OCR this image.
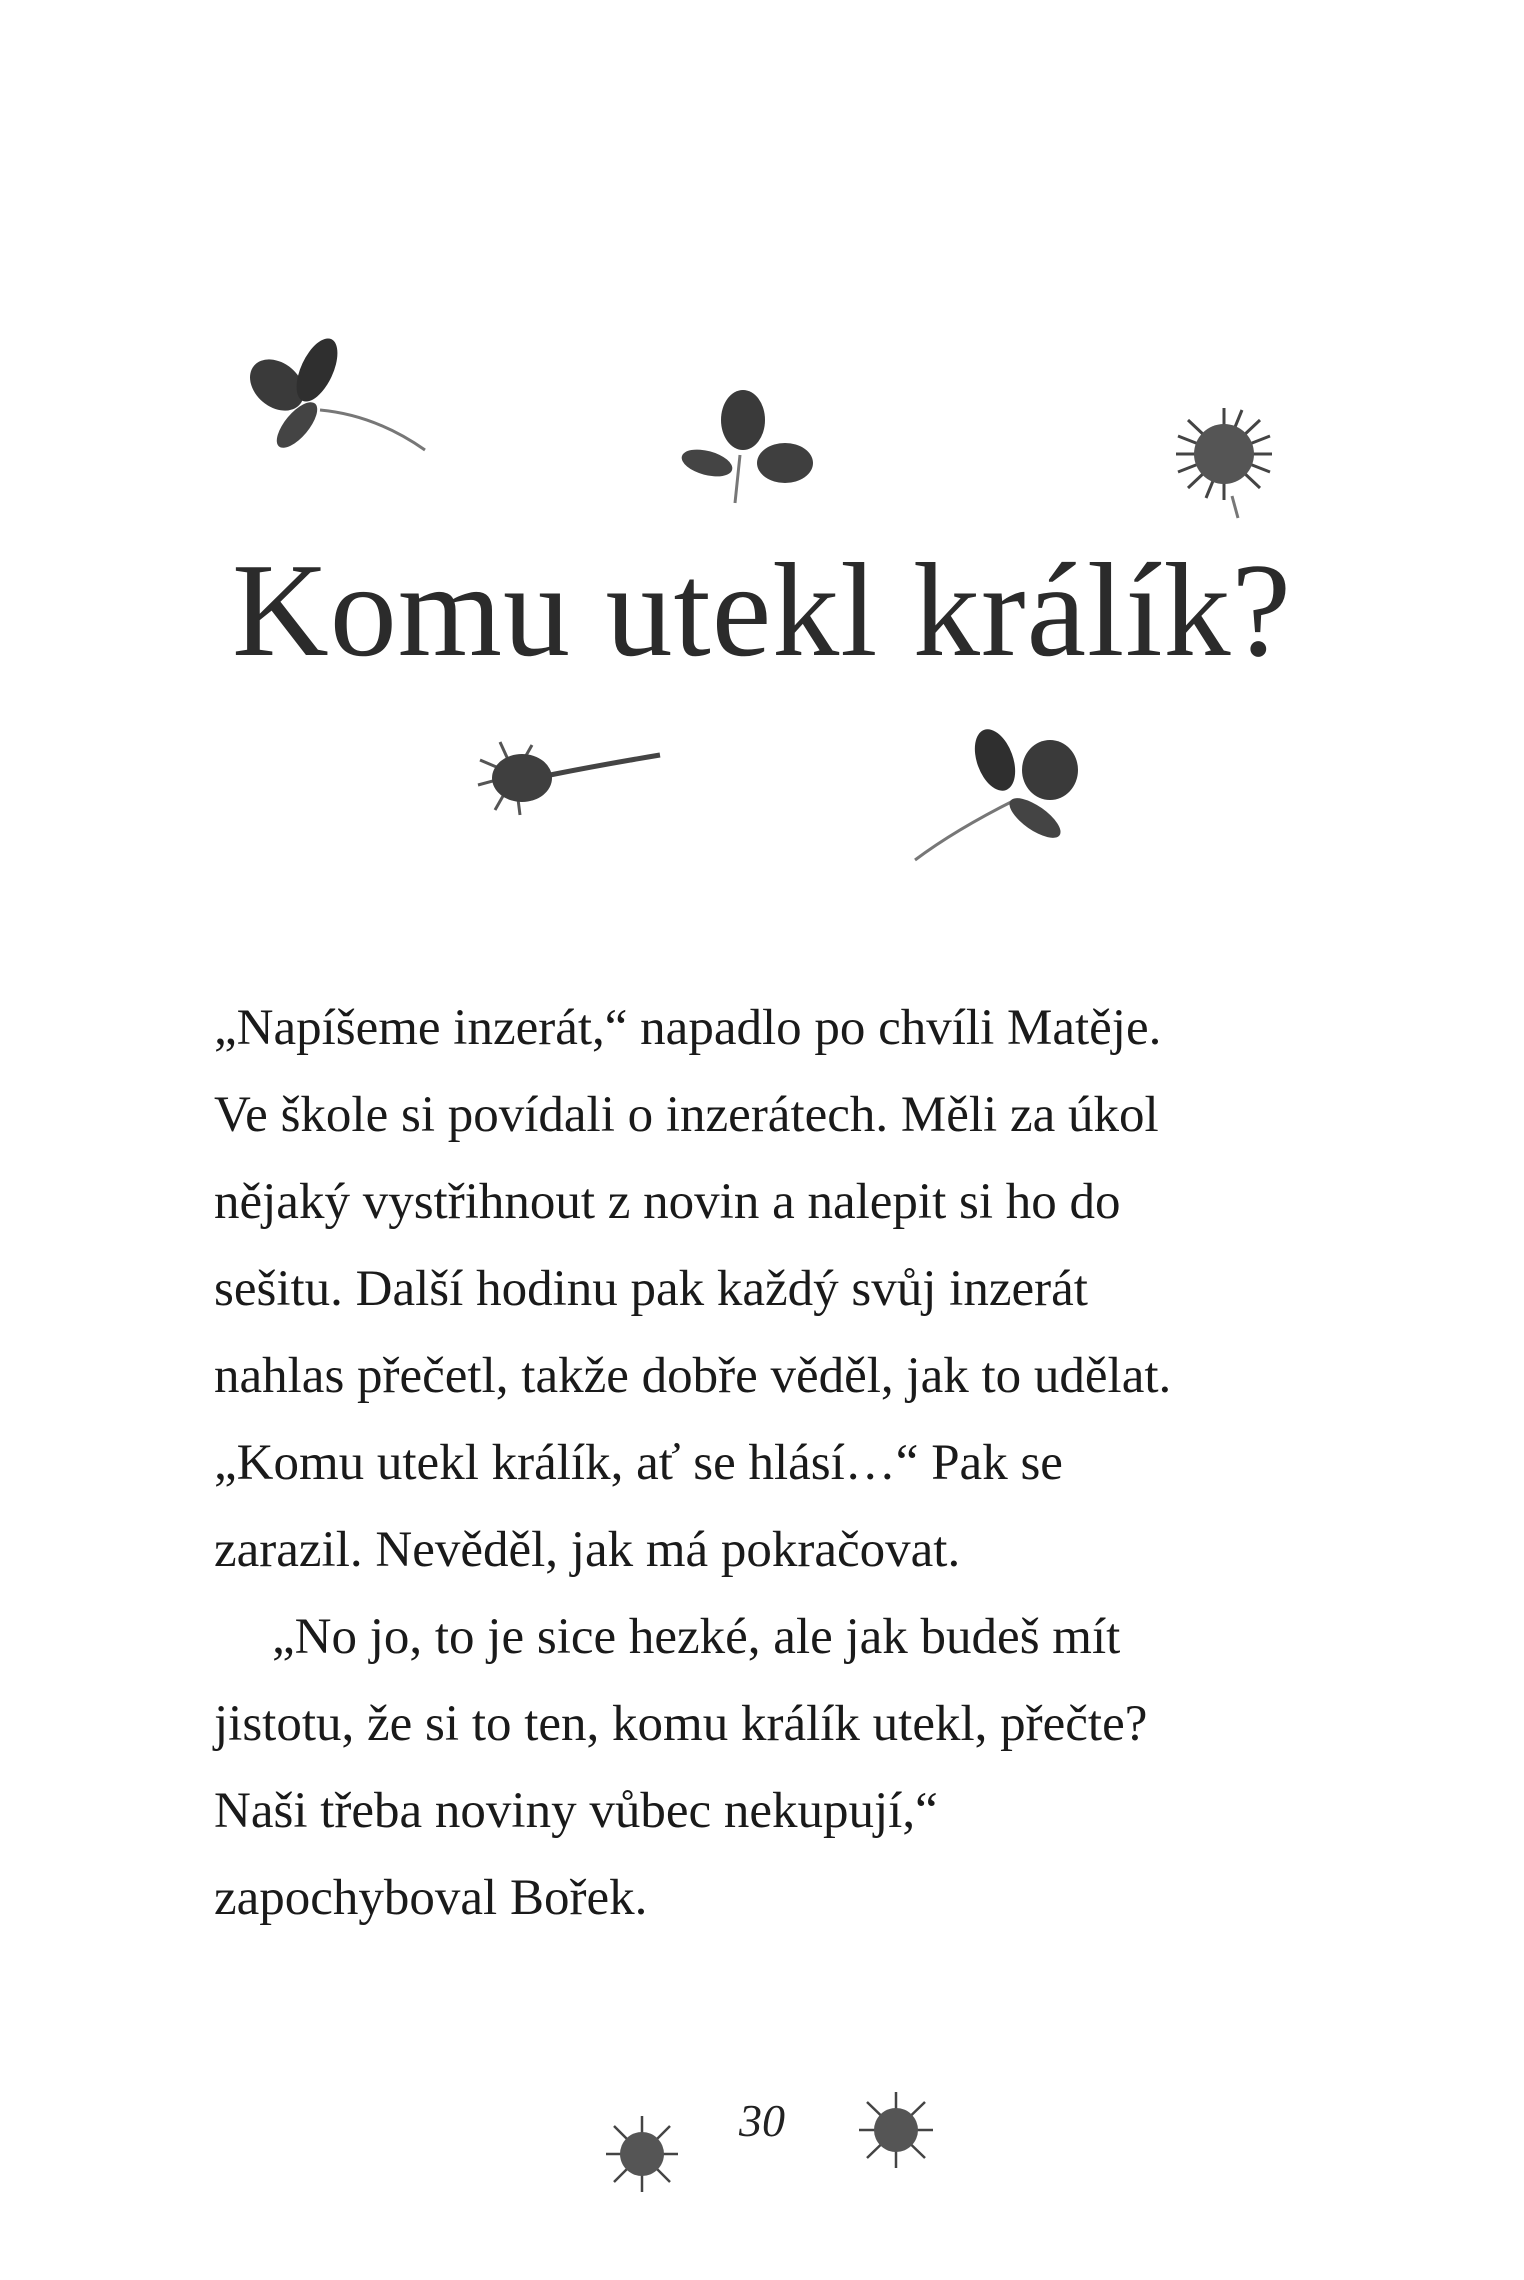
Komu utekl králík?
„Napíšeme inzerát,“ napadlo po chvíli Matěje.
Ve škole si povídali o inzerátech. Měli za úkol
nějaký vystřihnout z novin a nalepit si ho do
sešitu. Další hodinu pak každý svůj inzerát
nahlas přečetl, takže dobře věděl, jak to udělat.
„Komu utekl králík, ať se hlásí…“ Pak se
zarazil. Nevěděl, jak má pokračovat.
„No jo, to je sice hezké, ale jak budeš mít
jistotu, že si to ten, komu králík utekl, přečte?
Naši třeba noviny vůbec nekupují,“
zapochyboval Bořek.
30
